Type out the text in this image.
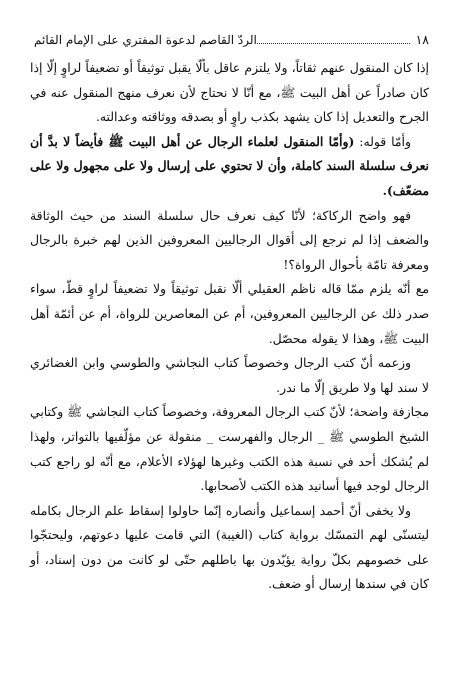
١٨
الردّ القاصم لدعوة المفتري على الإمام القائم

إذا كان المنقول عنهم ثقاتاً، ولا يلتزم عاقل بألّا يقبل توثيقاً أو تضعيفاً لراوٍ إلّا إذا كان صادراً عن أهل البيت ﷺ، مع أنّا لا نحتاج لأن نعرف منهج المنقول عنه في الجرح والتعديل إذا كان يشهد بكذب راوٍ أو بصدقه ووثاقته وعدالته.

وأمّا قوله: (وأمّا المنقول لعلماء الرجال عن أهل البيت ﷺ فأيضاً لا بدَّ أن نعرف سلسلة السند كاملة، وأن لا تحتوي على إرسال ولا على مجهول ولا على مضعّف).

فهو واضح الركاكة؛ لأنّا كيف نعرف حال سلسلة السند من حيث الوثاقة والضعف إذا لم نرجع إلى أقوال الرجاليين المعروفين الذين لهم خبرة بالرجال ومعرفة تامّة بأحوال الرواة؟!

مع أنّه يلزم ممّا قاله ناظم العقيلي ألّا نقبل توثيقاً ولا تضعيفاً لراوٍ قطّ، سواء صدر ذلك عن الرجاليين المعروفين، أم عن المعاصرين للرواة، أم عن أئمّة أهل البيت ﷺ، وهذا لا يقوله محصّل.

وزعمه أنّ كتب الرجال وخصوصاً كتاب النجاشي والطوسي وابن الغضائري لا سند لها ولا طريق إلّا ما ندر.

مجازفة واضحة؛ لأنّ كتب الرجال المعروفة، وخصوصاً كتاب النجاشي ﷺ وكتابي الشيخ الطوسي ﷺ _ الرجال والفهرست _ منقولة عن مؤلّفيها بالتواتر، ولهذا لم يُشكك أحد في نسبة هذه الكتب وغيرها لهؤلاء الأعلام، مع أنّه لو راجع كتب الرجال لوجد فيها أسانيد هذه الكتب لأصحابها.

ولا يخفى أنّ أحمد إسماعيل وأنصاره إنّما حاولوا إسقاط علم الرجال بكامله ليتسنّى لهم التمسّك برواية كتاب (الغيبة) التي قامت عليها دعوتهم، وليحتجّوا على خصومهم بكلّ رواية يؤيّدون بها باطلهم حتّى لو كانت من دون إسناد، أو كان في سندها إرسال أو ضعف.
